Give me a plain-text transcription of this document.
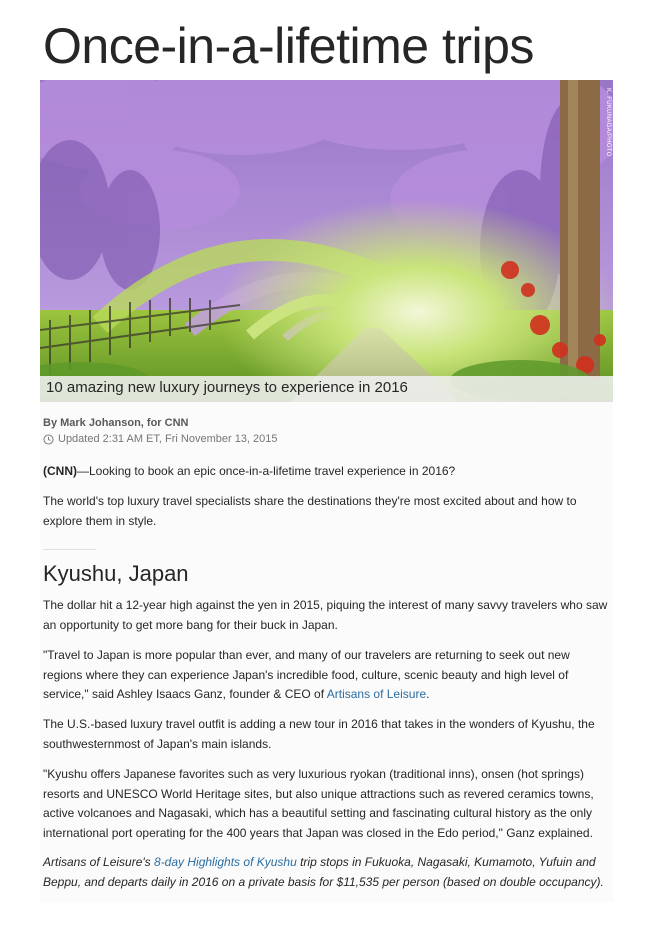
Once-in-a-lifetime trips
K. FUKUNAGA/PHOTO
10 amazing new luxury journeys to experience in 2016
By Mark Johanson, for CNN
Updated 2:31 AM ET, Fri November 13, 2015

(CNN)—Looking to book an epic once-in-a-lifetime travel experience in 2016?

The world's top luxury travel specialists share the destinations they're most excited about and how to explore them in style.

Kyushu, Japan

The dollar hit a 12-year high against the yen in 2015, piquing the interest of many savvy travelers who saw an opportunity to get more bang for their buck in Japan.

"Travel to Japan is more popular than ever, and many of our travelers are returning to seek out new regions where they can experience Japan's incredible food, culture, scenic beauty and high level of service," said Ashley Isaacs Ganz, founder & CEO of Artisans of Leisure.

The U.S.-based luxury travel outfit is adding a new tour in 2016 that takes in the wonders of Kyushu, the southwesternmost of Japan's main islands.

"Kyushu offers Japanese favorites such as very luxurious ryokan (traditional inns), onsen (hot springs) resorts and UNESCO World Heritage sites, but also unique attractions such as revered ceramics towns, active volcanoes and Nagasaki, which has a beautiful setting and fascinating cultural history as the only international port operating for the 400 years that Japan was closed in the Edo period," Ganz explained.

Artisans of Leisure's 8-day Highlights of Kyushu trip stops in Fukuoka, Nagasaki, Kumamoto, Yufuin and Beppu, and departs daily in 2016 on a private basis for $11,535 per person (based on double occupancy).
